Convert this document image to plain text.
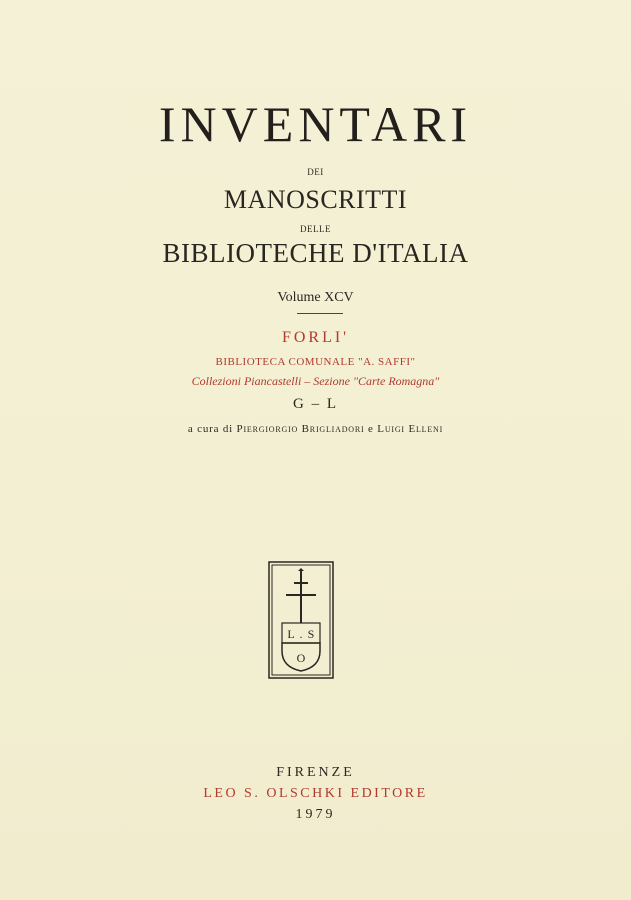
INVENTARI
DEI
MANOSCRITTI
DELLE
BIBLIOTECHE D'ITALIA
Volume XCV
FORLI'
BIBLIOTECA COMUNALE "A. SAFFI"
Collezioni Piancastelli – Sezione "Carte Romagna"
G – L
a cura di Piergiorgio Brigliadori e Luigi Elleni
L . S
O
FIRENZE
LEO S. OLSCHKI EDITORE
1979
